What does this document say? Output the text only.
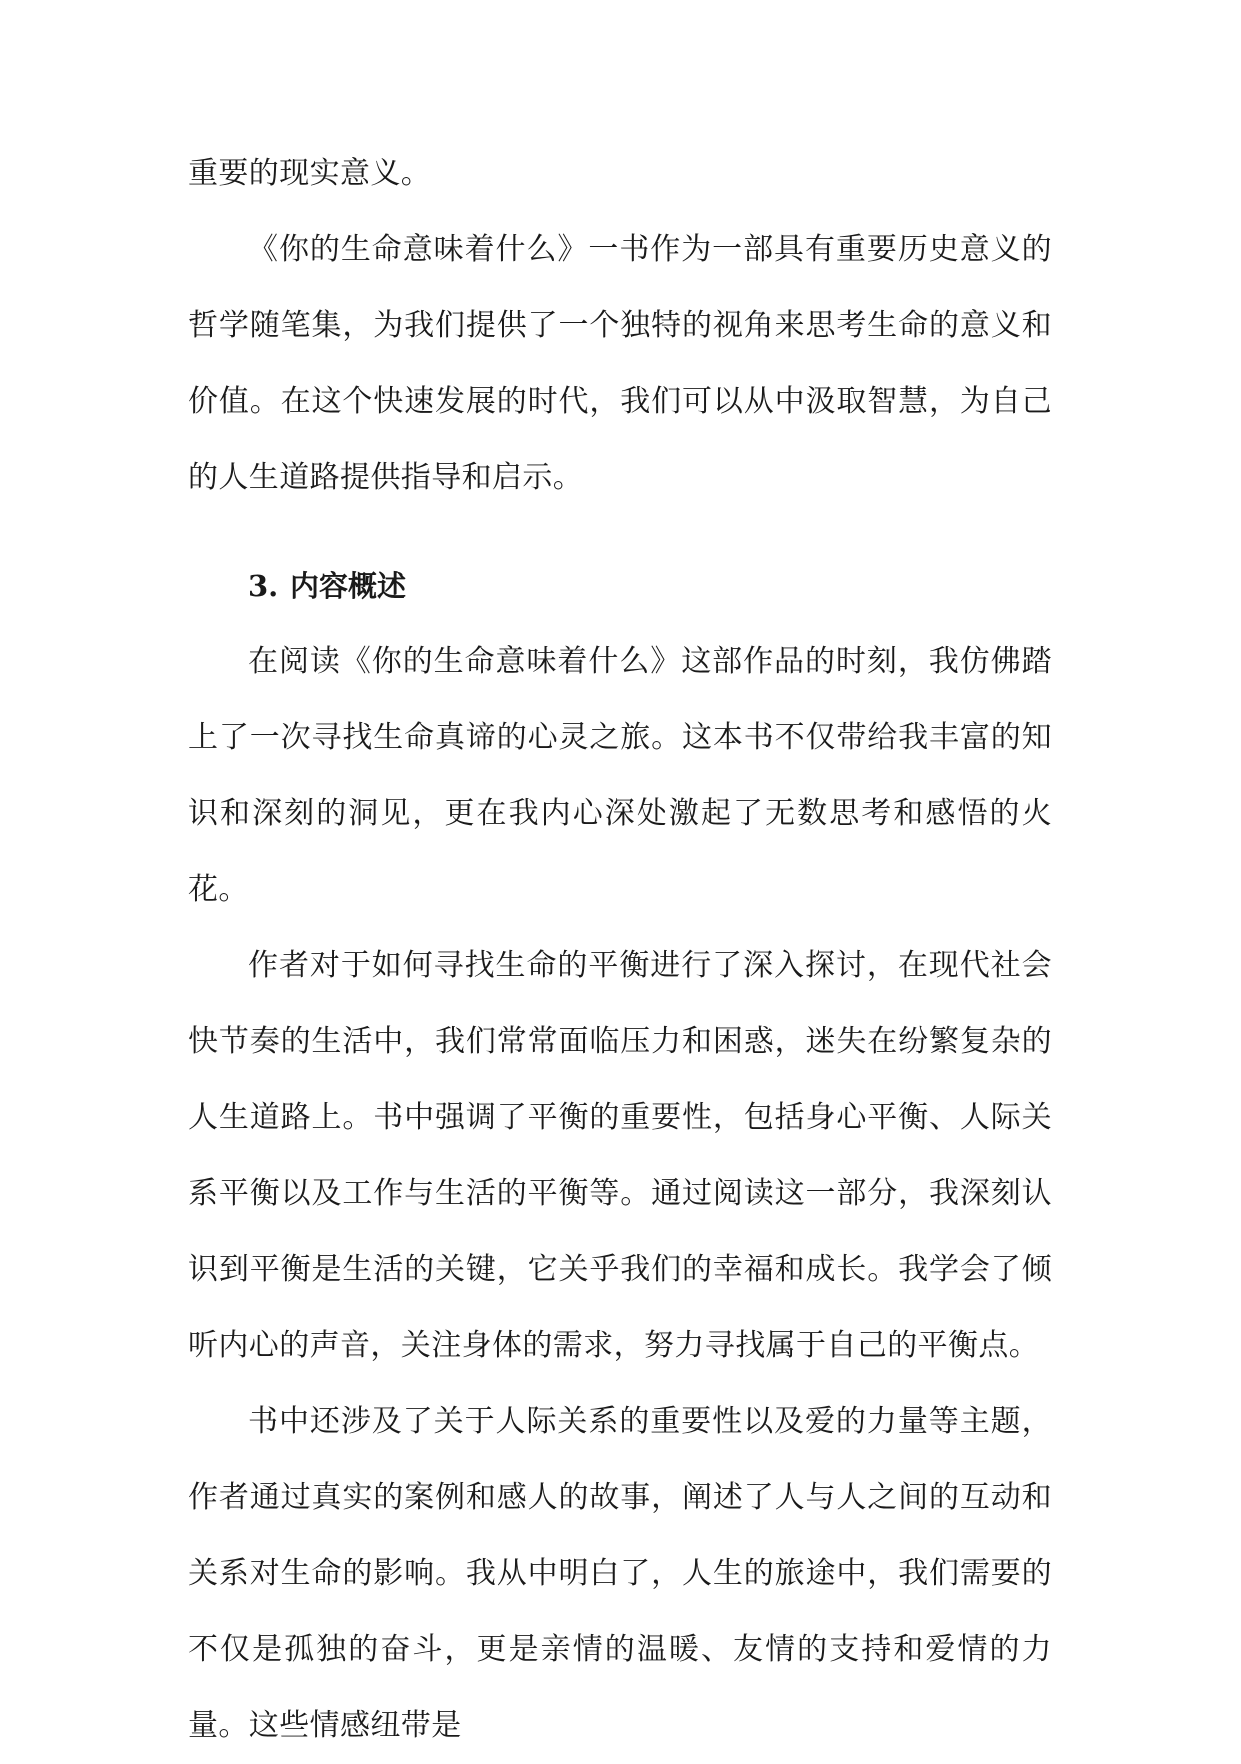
重要的现实意义。

《你的生命意味着什么》一书作为一部具有重要历史意义的哲学随笔集，为我们提供了一个独特的视角来思考生命的意义和价值。在这个快速发展的时代，我们可以从中汲取智慧，为自己的人生道路提供指导和启示。

3. 内容概述

在阅读《你的生命意味着什么》这部作品的时刻，我仿佛踏上了一次寻找生命真谛的心灵之旅。这本书不仅带给我丰富的知识和深刻的洞见，更在我内心深处激起了无数思考和感悟的火花。

作者对于如何寻找生命的平衡进行了深入探讨，在现代社会快节奏的生活中，我们常常面临压力和困惑，迷失在纷繁复杂的人生道路上。书中强调了平衡的重要性，包括身心平衡、人际关系平衡以及工作与生活的平衡等。通过阅读这一部分，我深刻认识到平衡是生活的关键，它关乎我们的幸福和成长。我学会了倾听内心的声音，关注身体的需求，努力寻找属于自己的平衡点。

书中还涉及了关于人际关系的重要性以及爱的力量等主题，作者通过真实的案例和感人的故事，阐述了人与人之间的互动和关系对生命的影响。我从中明白了，人生的旅途中，我们需要的不仅是孤独的奋斗，更是亲情的温暖、友情的支持和爱情的力量。这些情感纽带是
